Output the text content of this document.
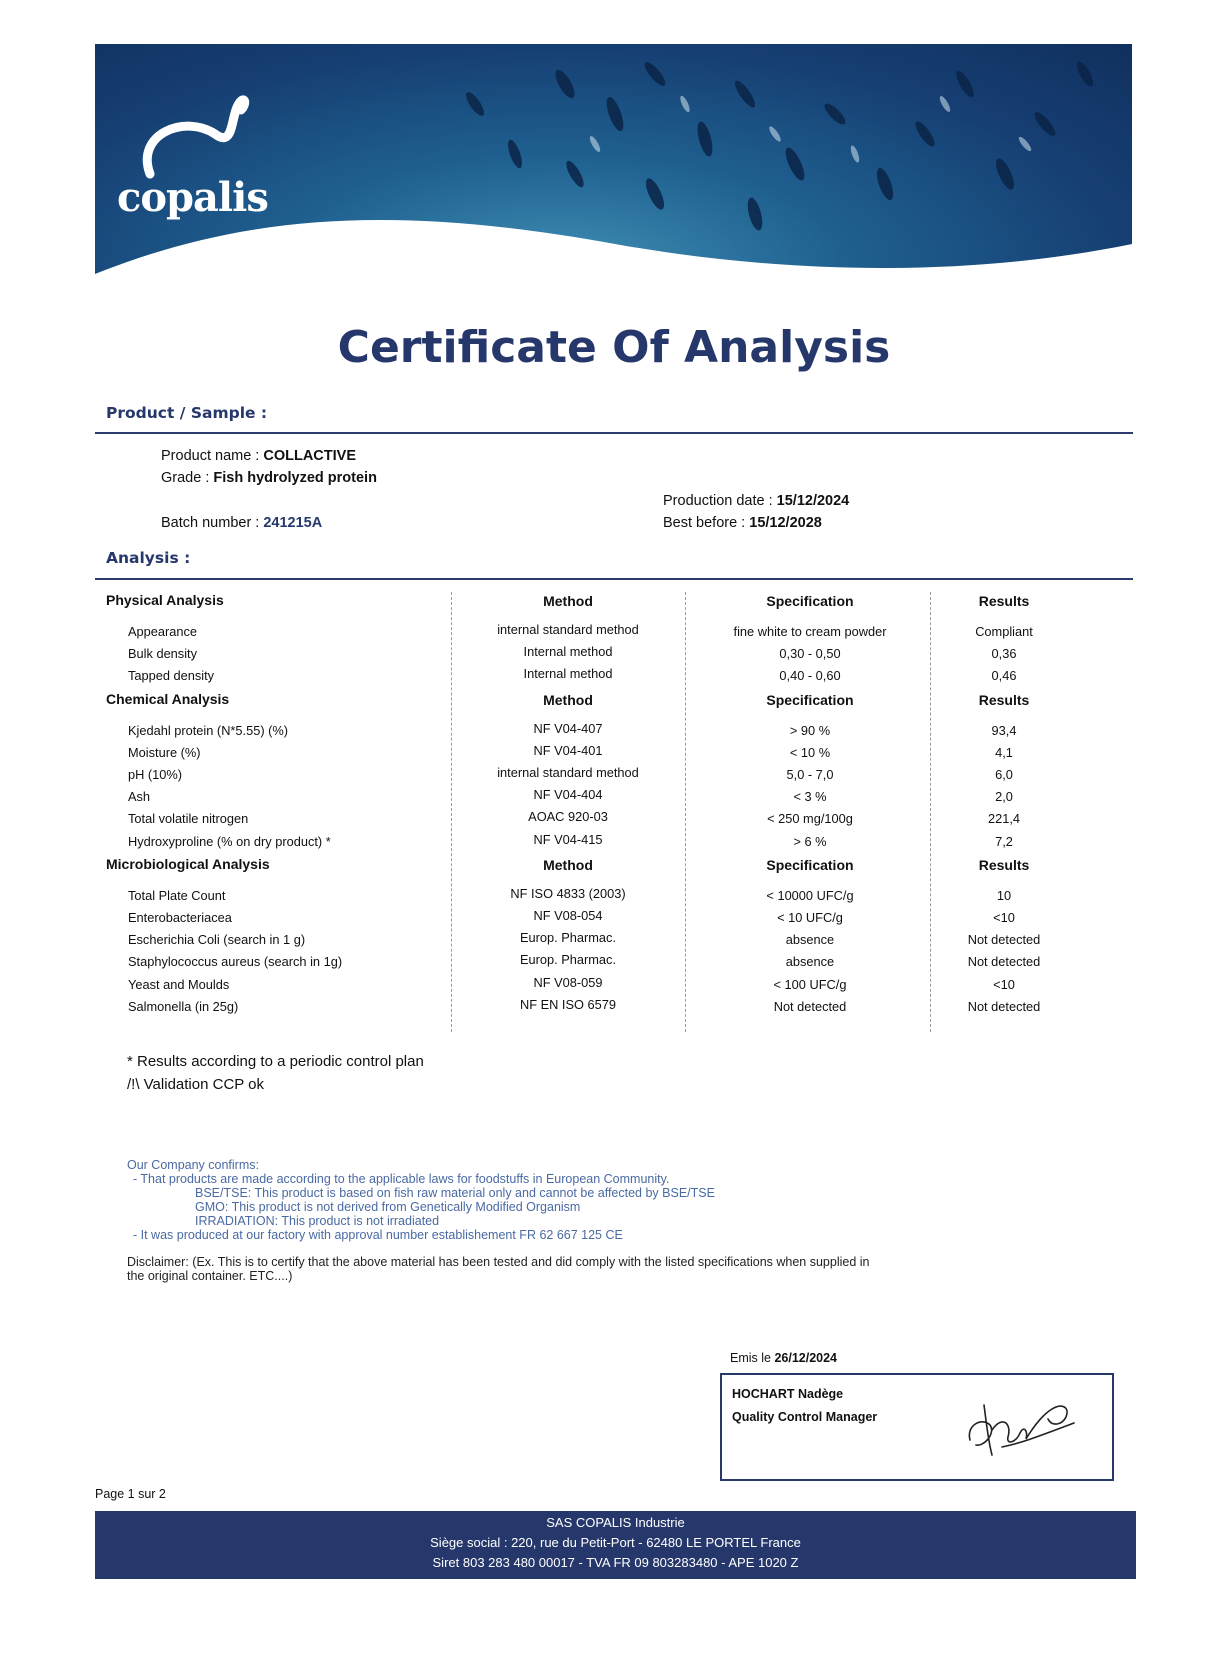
copalis
Certificate Of Analysis
Product / Sample :
Product name : COLLACTIVE
Grade : Fish hydrolyzed protein
Production date : 15/12/2024
Batch number : 241215A	Best before : 15/12/2028
Analysis :
Physical Analysis	Method	Specification	Results
Appearance	internal standard method	fine white to cream powder	Compliant
Bulk density	Internal method	0,30 - 0,50	0,36
Tapped density	Internal method	0,40 - 0,60	0,46
Chemical Analysis	Method	Specification	Results
Kjedahl protein (N*5.55) (%)	NF V04-407	> 90 %	93,4
Moisture (%)	NF V04-401	< 10 %	4,1
pH (10%)	internal standard method	5,0 - 7,0	6,0
Ash	NF V04-404	< 3 %	2,0
Total volatile nitrogen	AOAC 920-03	< 250 mg/100g	221,4
Hydroxyproline (% on dry product) *	NF V04-415	> 6 %	7,2
Microbiological Analysis	Method	Specification	Results
Total Plate Count	NF ISO 4833 (2003)	< 10000 UFC/g	10
Enterobacteriacea	NF V08-054	< 10 UFC/g	<10
Escherichia Coli (search in 1 g)	Europ. Pharmac.	absence	Not detected
Staphylococcus aureus (search in 1g)	Europ. Pharmac.	absence	Not detected
Yeast and Moulds	NF V08-059	< 100 UFC/g	<10
Salmonella (in 25g)	NF EN ISO 6579	Not detected	Not detected
* Results according to a periodic control plan
/!\ Validation CCP ok
Our Company confirms:
- That products are made according to the applicable laws for foodstuffs in European Community.
BSE/TSE: This product is based on fish raw material only and cannot be affected by BSE/TSE
GMO: This product is not derived from Genetically Modified Organism
IRRADIATION: This product is not irradiated
- It was produced at our factory with approval number establishement FR 62 667 125 CE
Disclaimer: (Ex. This is to certify that the above material has been tested and did comply with the listed specifications when supplied in
the original container. ETC....)
Emis le 26/12/2024
HOCHART Nadège
Quality Control Manager
Page 1 sur 2
SAS COPALIS Industrie
Siège social : 220, rue du Petit-Port - 62480 LE PORTEL France
Siret 803 283 480 00017 - TVA FR 09 803283480 - APE 1020 Z
